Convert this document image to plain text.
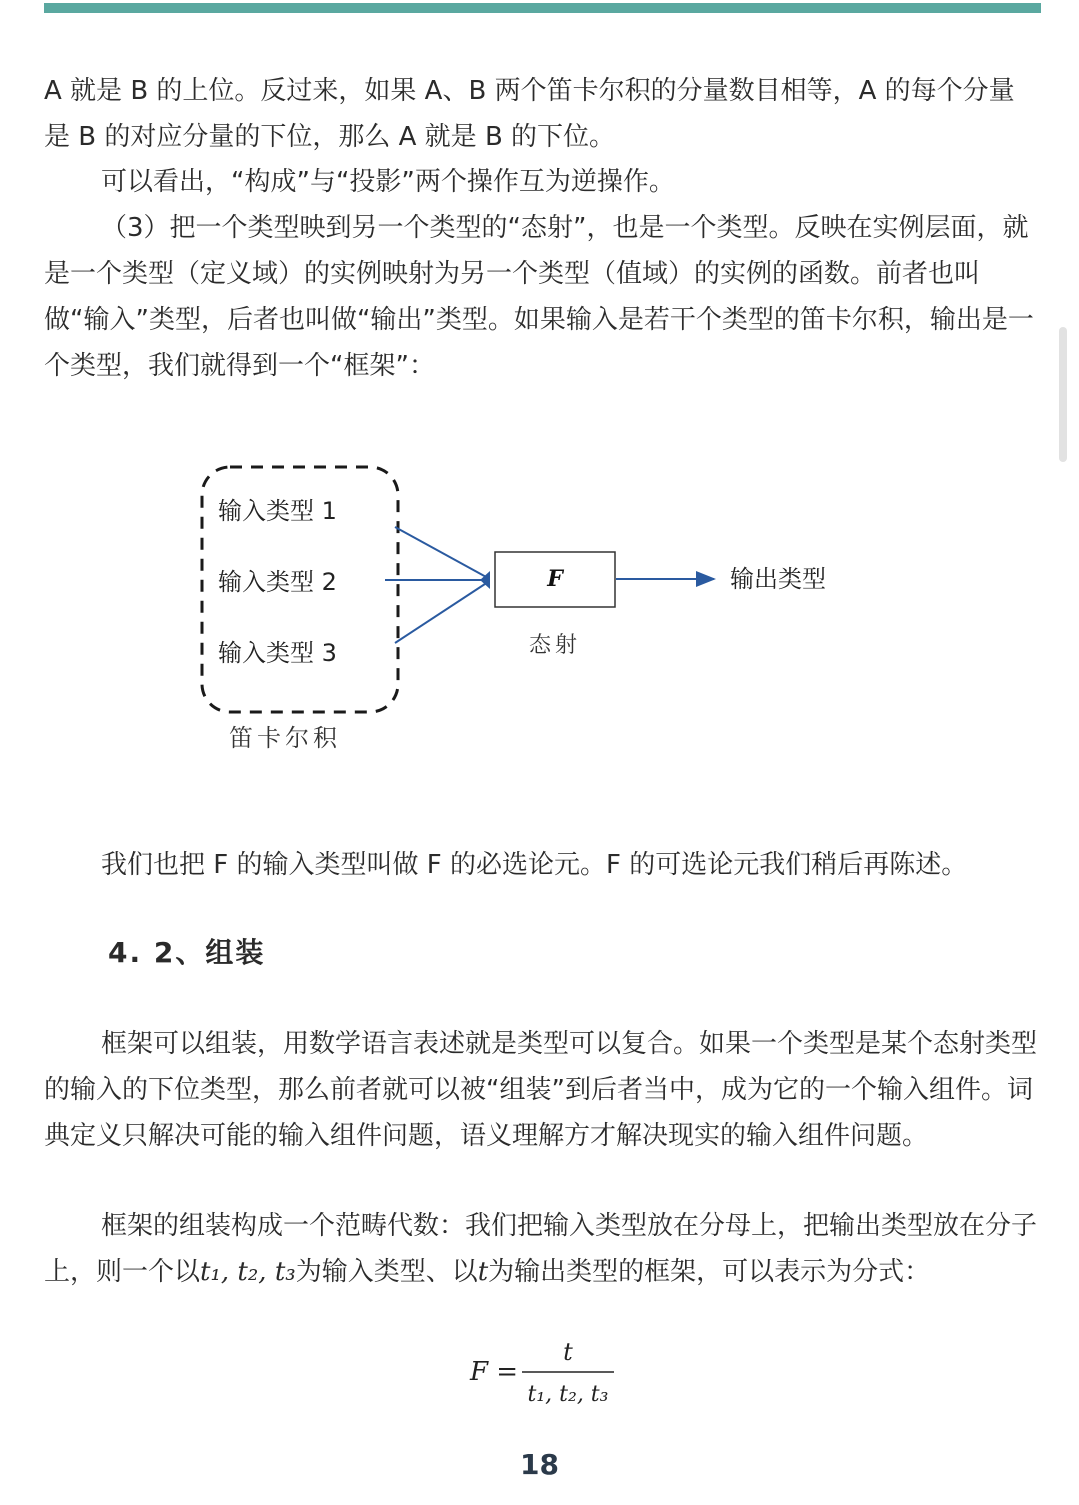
A 就是 B 的上位。反过来，如果 A、B 两个笛卡尔积的分量数目相等，A 的每个分量是 B 的对应分量的下位，那么 A 就是 B 的下位。

可以看出，“构成”与“投影”两个操作互为逆操作。

（3）把一个类型映到另一个类型的“态射”，也是一个类型。反映在实例层面，就是一个类型（定义域）的实例映射为另一个类型（值域）的实例的函数。前者也叫做“输入”类型，后者也叫做“输出”类型。如果输入是若干个类型的笛卡尔积，输出是一个类型，我们就得到一个“框架”：

输入类型 1
输入类型 2
输入类型 3
笛卡尔积
F
态射
输出类型

我们也把 F 的输入类型叫做 F 的必选论元。F 的可选论元我们稍后再陈述。

4. 2、组装

框架可以组装，用数学语言表述就是类型可以复合。如果一个类型是某个态射类型的输入的下位类型，那么前者就可以被“组装”到后者当中，成为它的一个输入组件。词典定义只解决可能的输入组件问题，语义理解方才解决现实的输入组件问题。

框架的组装构成一个范畴代数：我们把输入类型放在分母上，把输出类型放在分子上，则一个以t₁, t₂, t₃为输入类型、以t为输出类型的框架，可以表示为分式：

F =
t
t₁, t₂, t₃
18
